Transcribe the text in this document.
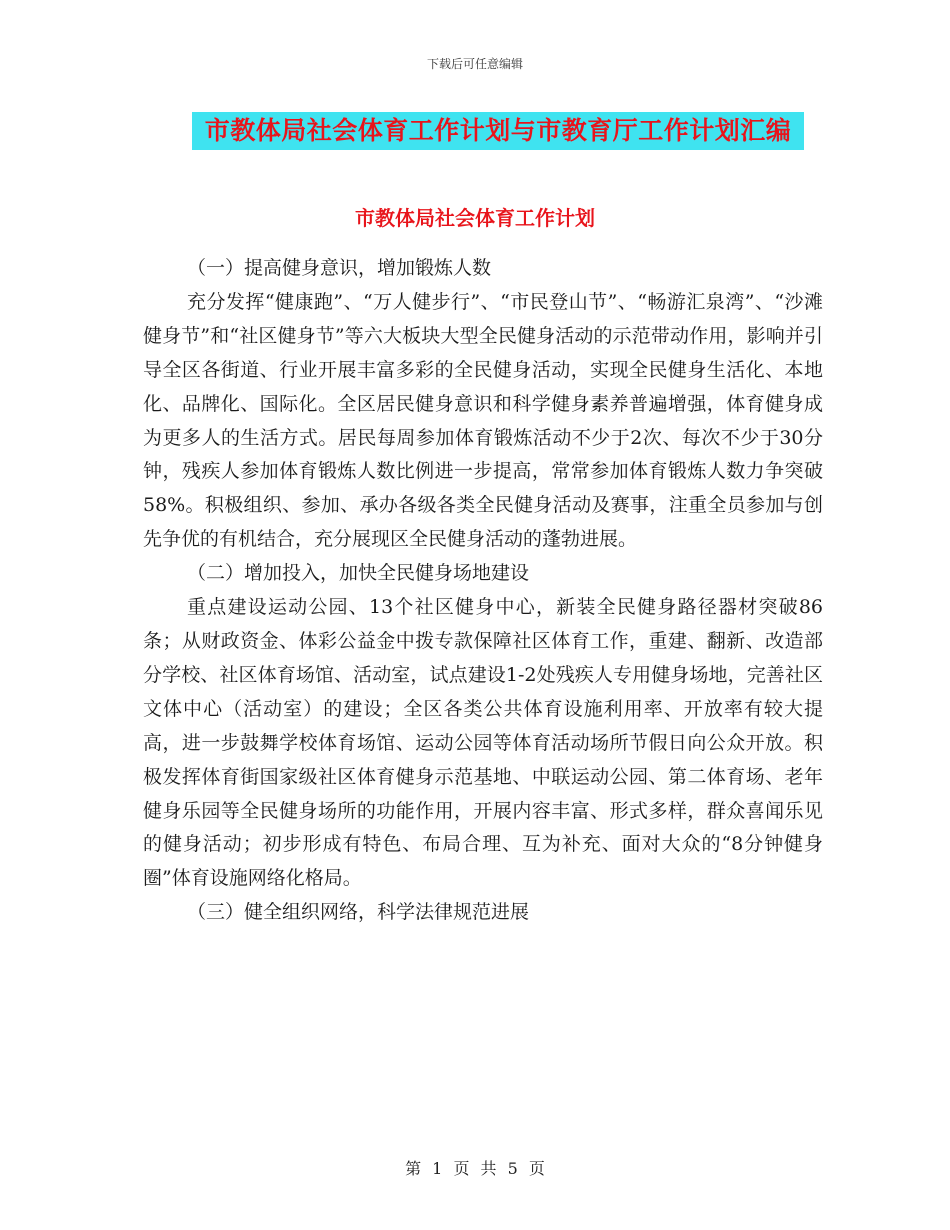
下载后可任意编辑
市教体局社会体育工作计划与市教育厅工作计划汇编
市教体局社会体育工作计划

（一）提高健身意识，增加锻炼人数

充分发挥“健康跑”、“万人健步行”、“市民登山节”、“畅游汇泉湾”、“沙滩健身节”和“社区健身节”等六大板块大型全民健身活动的示范带动作用，影响并引导全区各街道、行业开展丰富多彩的全民健身活动，实现全民健身生活化、本地化、品牌化、国际化。全区居民健身意识和科学健身素养普遍增强，体育健身成为更多人的生活方式。居民每周参加体育锻炼活动不少于2次、每次不少于30分钟，残疾人参加体育锻炼人数比例进一步提高，常常参加体育锻炼人数力争突破58%。积极组织、参加、承办各级各类全民健身活动及赛事，注重全员参加与创先争优的有机结合，充分展现区全民健身活动的蓬勃进展。

（二）增加投入，加快全民健身场地建设

重点建设运动公园、13个社区健身中心，新装全民健身路径器材突破86条；从财政资金、体彩公益金中拨专款保障社区体育工作，重建、翻新、改造部分学校、社区体育场馆、活动室，试点建设1-2处残疾人专用健身场地，完善社区文体中心（活动室）的建设；全区各类公共体育设施利用率、开放率有较大提高，进一步鼓舞学校体育场馆、运动公园等体育活动场所节假日向公众开放。积极发挥体育街国家级社区体育健身示范基地、中联运动公园、第二体育场、老年健身乐园等全民健身场所的功能作用，开展内容丰富、形式多样，群众喜闻乐见的健身活动；初步形成有特色、布局合理、互为补充、面对大众的“8分钟健身圈”体育设施网络化格局。

（三）健全组织网络，科学法律规范进展

第 1 页 共 5 页
